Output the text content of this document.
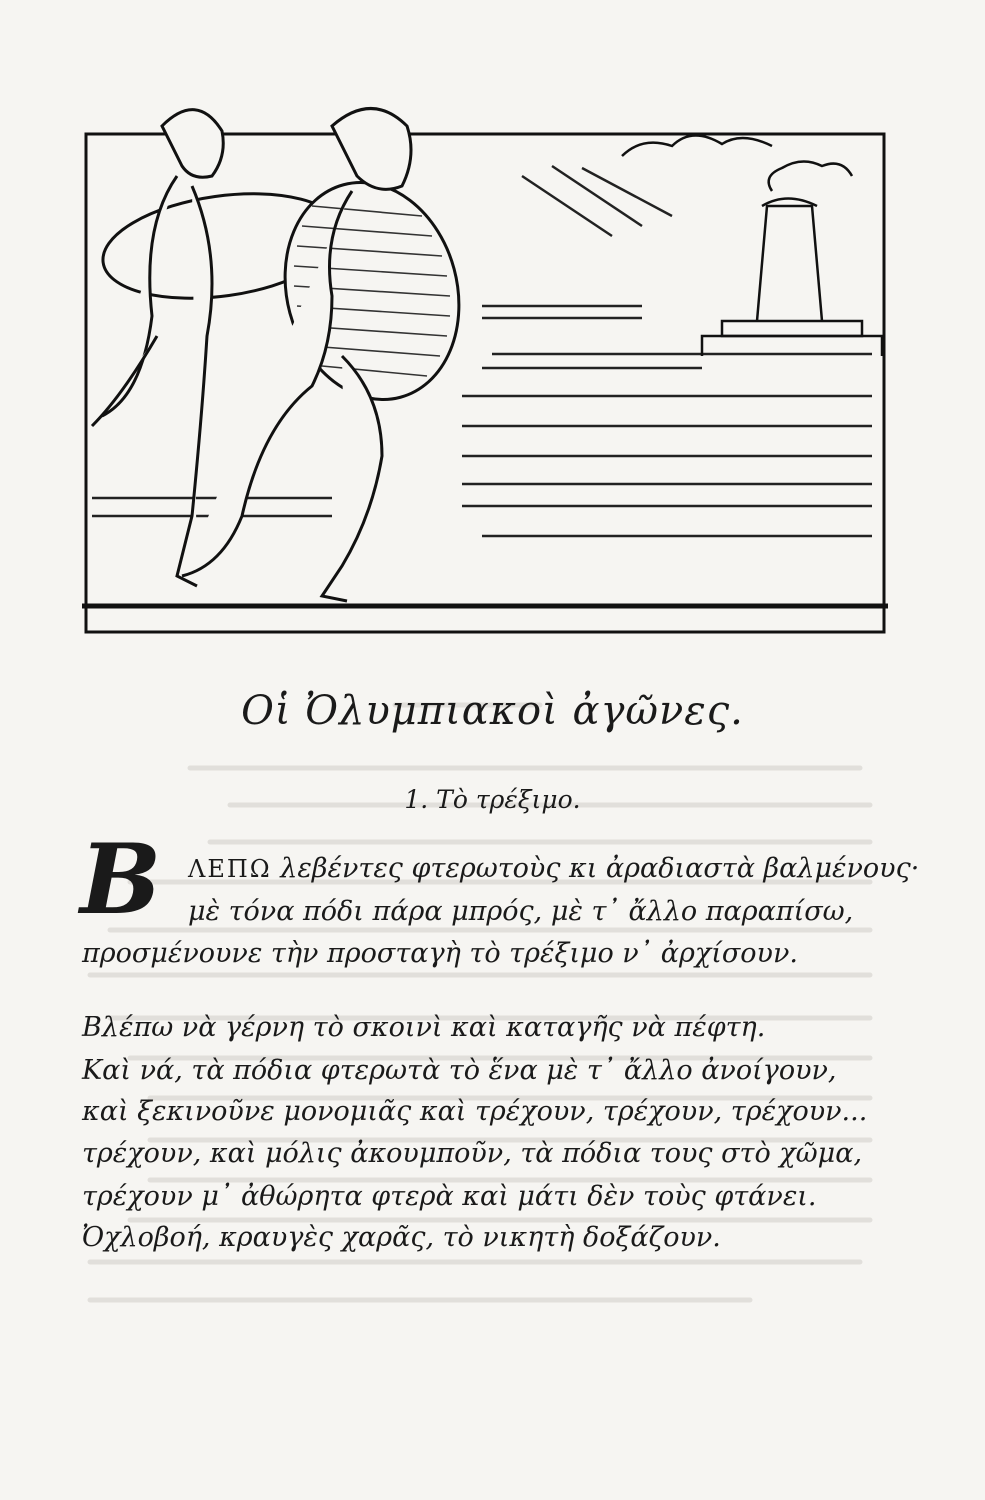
Οἱ Ὀλυμπιακοὶ ἀγῶνες.
1. Τὸ τρέξιμο.
Β ΛΕΠΩ λεβέντες φτερωτοὺς κι ἀραδιαστὰ βαλμένους·
μὲ τόνα πόδι πάρα μπρός, μὲ τ᾽ ἄλλο παραπίσω,
προσμένουνε τὴν προσταγὴ τὸ τρέξιμο ν᾽ ἀρχίσουν.
Βλέπω νὰ γέρνη τὸ σκοινὶ καὶ καταγῆς νὰ πέφτη.
Καὶ νά, τὰ πόδια φτερωτὰ τὸ ἕνα μὲ τ᾽ ἄλλο ἀνοίγουν,
καὶ ξεκινοῦνε μονομιᾶς καὶ τρέχουν, τρέχουν, τρέχουν...
τρέχουν, καὶ μόλις ἀκουμποῦν, τὰ πόδια τους στὸ χῶμα,
τρέχουν μ᾽ ἀθώρητα φτερὰ καὶ μάτι δὲν τοὺς φτάνει.
Ὀχλοβοή, κραυγὲς χαρᾶς, τὸ νικητὴ δοξάζουν.
